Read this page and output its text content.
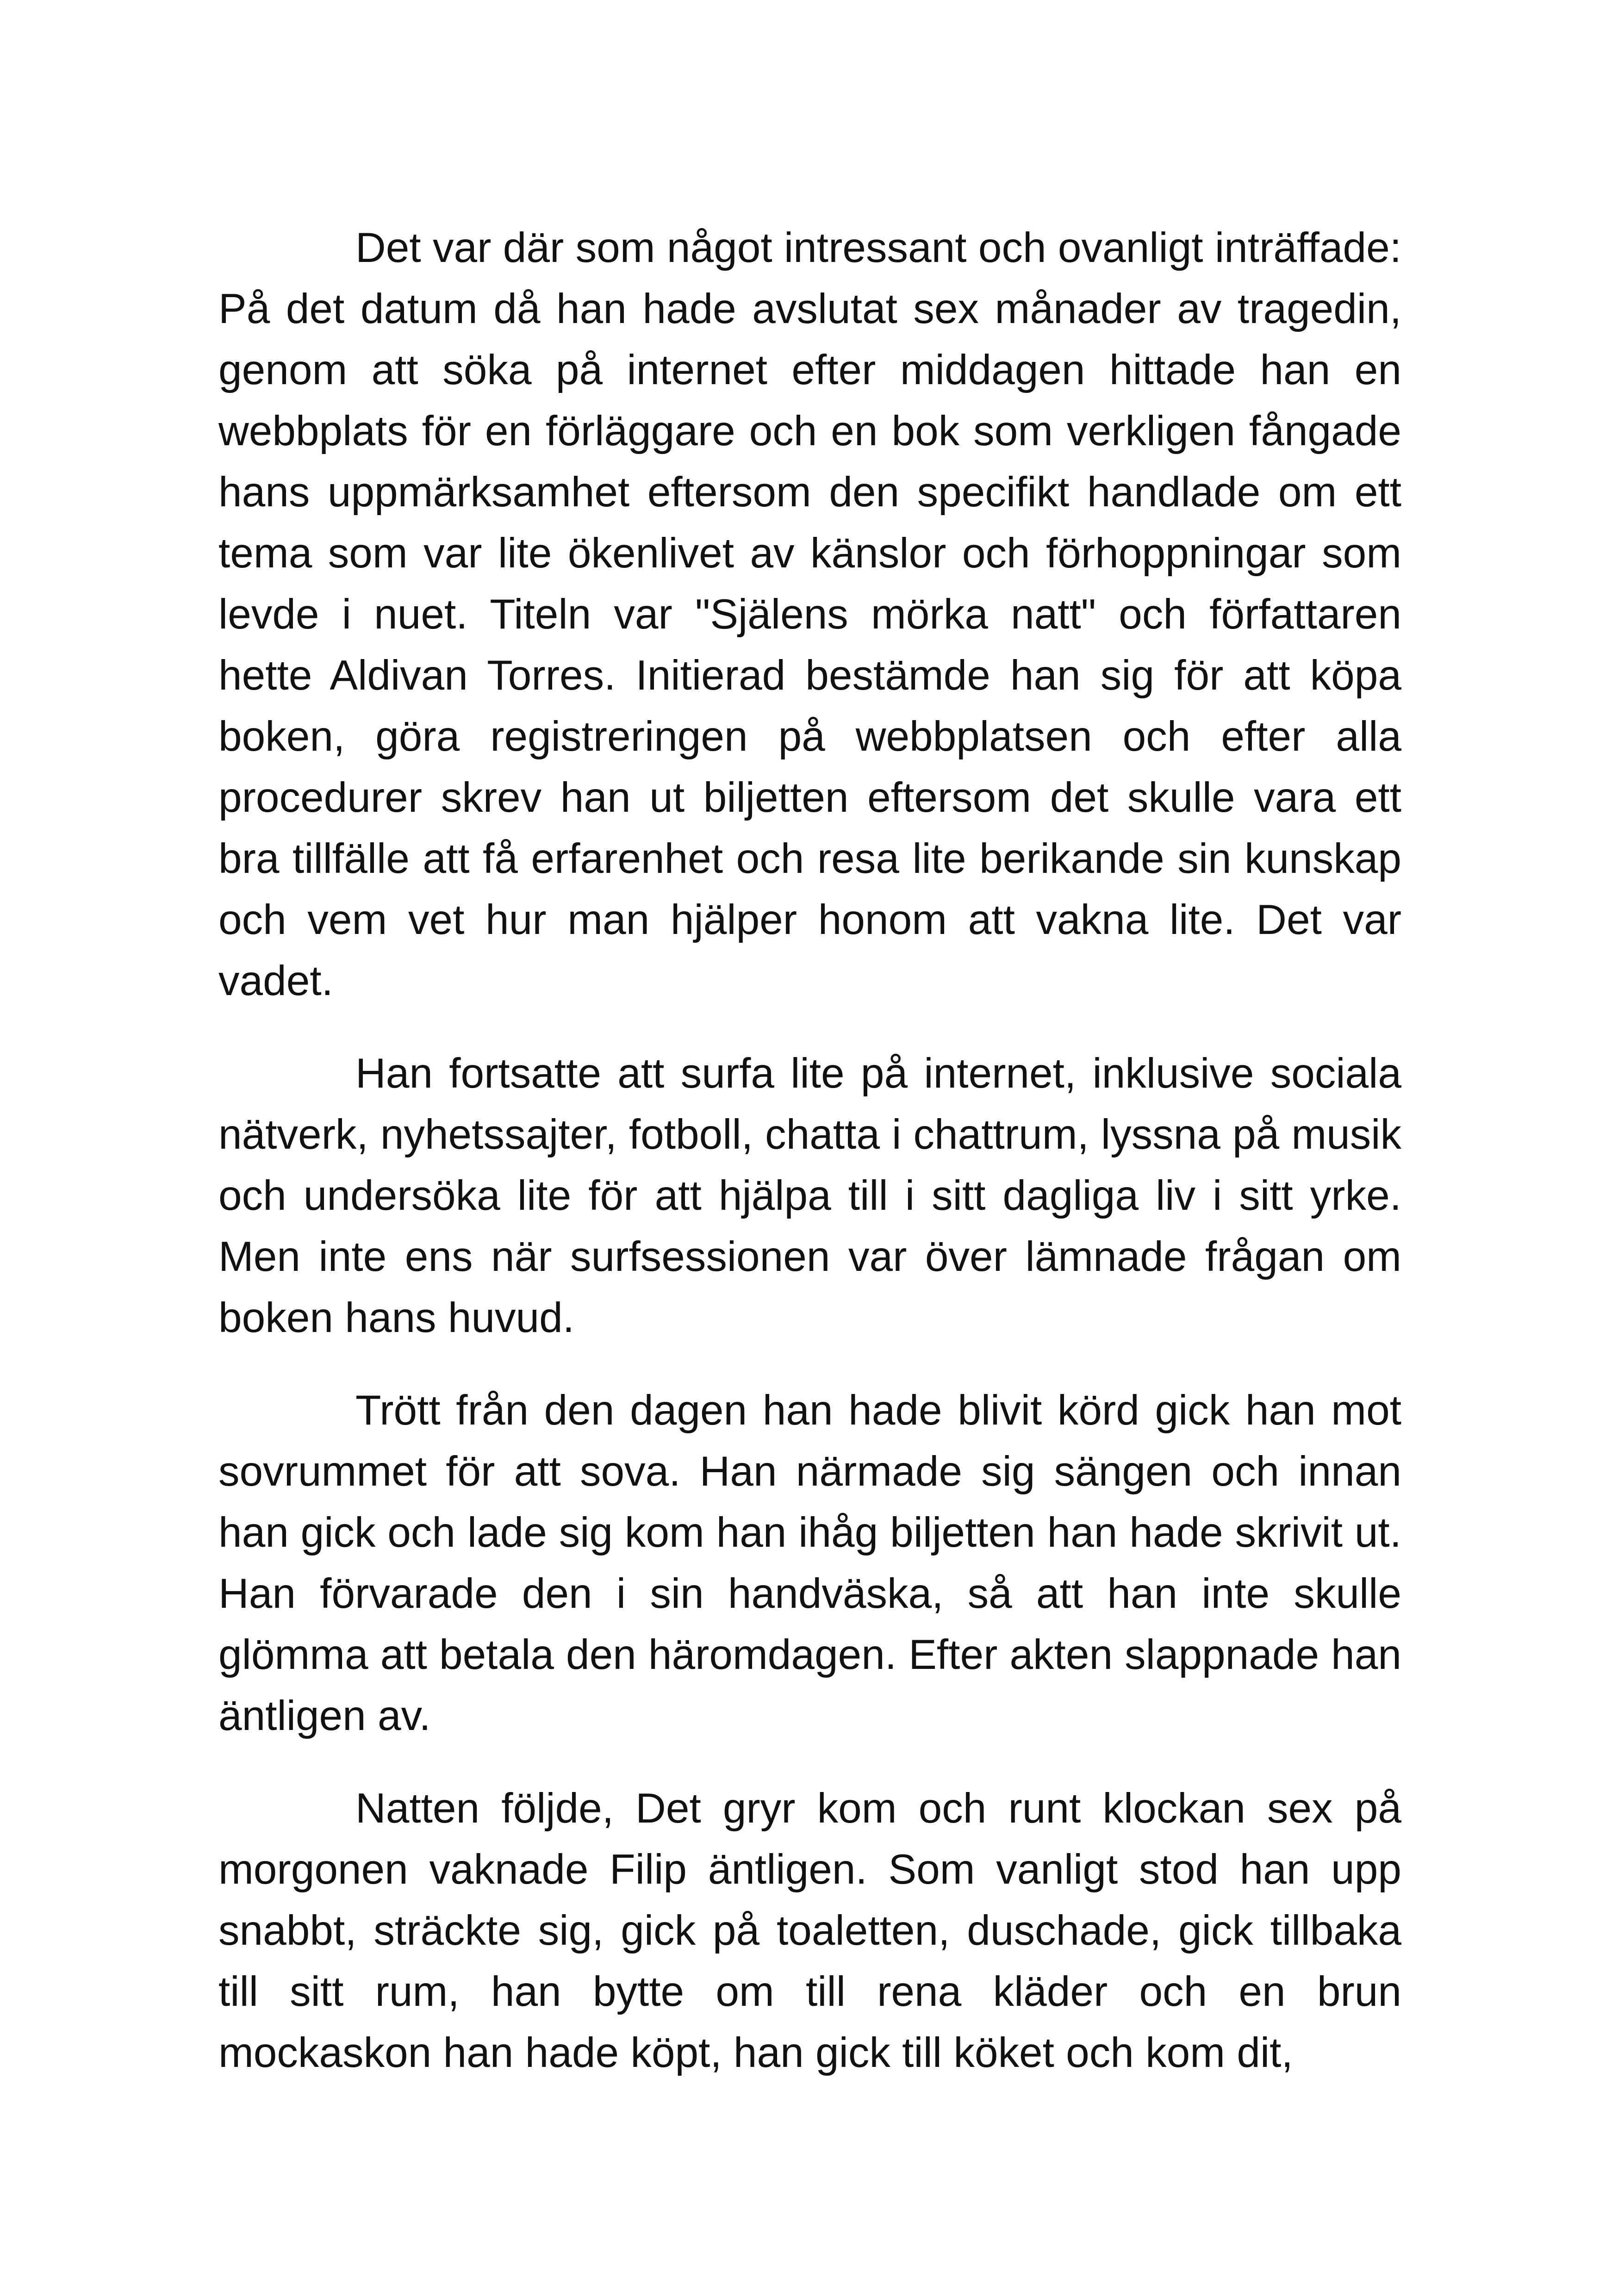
Det var där som något intressant och ovanligt inträffade: På det datum då han hade avslutat sex månader av tragedin, genom att söka på internet efter middagen hittade han en webbplats för en förläggare och en bok som verkligen fångade hans uppmärksamhet eftersom den specifikt handlade om ett tema som var lite ökenlivet av känslor och förhoppningar som levde i nuet. Titeln var "Själens mörka natt" och författaren hette Aldivan Torres. Initierad bestämde han sig för att köpa boken, göra registreringen på webbplatsen och efter alla procedurer skrev han ut biljetten eftersom det skulle vara ett bra tillfälle att få erfarenhet och resa lite berikande sin kunskap och vem vet hur man hjälper honom att vakna lite. Det var vadet.

Han fortsatte att surfa lite på internet, inklusive sociala nätverk, nyhetssajter, fotboll, chatta i chattrum, lyssna på musik och undersöka lite för att hjälpa till i sitt dagliga liv i sitt yrke. Men inte ens när surfsessionen var över lämnade frågan om boken hans huvud.

Trött från den dagen han hade blivit körd gick han mot sovrummet för att sova. Han närmade sig sängen och innan han gick och lade sig kom han ihåg biljetten han hade skrivit ut. Han förvarade den i sin handväska, så att han inte skulle glömma att betala den häromdagen. Efter akten slappnade han äntligen av.

Natten följde, Det gryr kom och runt klockan sex på morgonen vaknade Filip äntligen. Som vanligt stod han upp snabbt, sträckte sig, gick på toaletten, duschade, gick tillbaka till sitt rum, han bytte om till rena kläder och en brun mockaskon han hade köpt, han gick till köket och kom dit,
